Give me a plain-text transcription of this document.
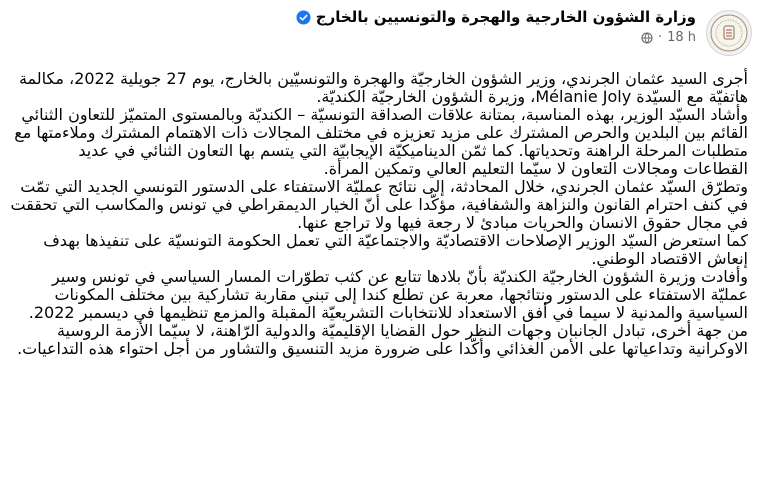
وزارة الشؤون الخارجية والهجرة والتونسيين بالخارج
18 h
·

أجرى السيد عثمان الجرندي، وزير الشؤون الخارجيّة والهجرة والتونسيّين بالخارج، يوم 27 جويلية 2022، مكالمة هاتفيّة مع السيّدة Mélanie Joly، وزيرة الشؤون الخارجيّة الكنديّة.

وأشاد السيّد الوزير، بهذه المناسبة، بمتانة علاقات الصداقة التونسيّة – الكنديّة وبالمستوى المتميّز للتعاون الثنائي القائم بين البلدين والحرص المشترك على مزيد تعزيزه في مختلف المجالات ذات الاهتمام المشترك وملاءمتها مع متطلبات المرحلة الراهنة وتحدياتها. كما ثمّن الديناميكيّة الإيجابيّة التي يتسم بها التعاون الثنائي في عديد القطاعات ومجالات التعاون لا سيّما التعليم العالي وتمكين المرأة.

وتطرّق السيّد عثمان الجرندي، خلال المحادثة، إلى نتائج عمليّة الاستفتاء على الدستور التونسي الجديد التي تمّت في كنف احترام القانون والنزاهة والشفافية، مؤكّدا على أنّ الخيار الديمقراطي في تونس والمكاسب التي تحققت في مجال حقوق الانسان والحريات مبادئ لا رجعة فيها ولا تراجع عنها.

كما استعرض السيّد الوزير الإصلاحات الاقتصاديّة والاجتماعيّة التي تعمل الحكومة التونسيّة على تنفيذها بهدف إنعاش الاقتصاد الوطني.

وأفادت وزيرة الشؤون الخارجيّة الكنديّة بأنّ بلادها تتابع عن كثب تطوّرات المسار السياسي في تونس وسير عمليّة الاستفتاء على الدستور ونتائجها، معربة عن تطلع كندا إلى تبني مقاربة تشاركية بين مختلف المكونات السياسية والمدنية لا سيما في أفق الاستعداد للانتخابات التشريعيّة المقبلة والمزمع تنظيمها في ديسمبر 2022.

من جهة أخرى، تبادل الجانبان وجهات النظر حول القضايا الإقليميّة والدولية الرّاهنة، لا سيّما الأزمة الروسية الاوكرانية وتداعياتها على الأمن الغذائي وأكّدا على ضرورة مزيد التنسيق والتشاور من أجل احتواء هذه التداعيات.
